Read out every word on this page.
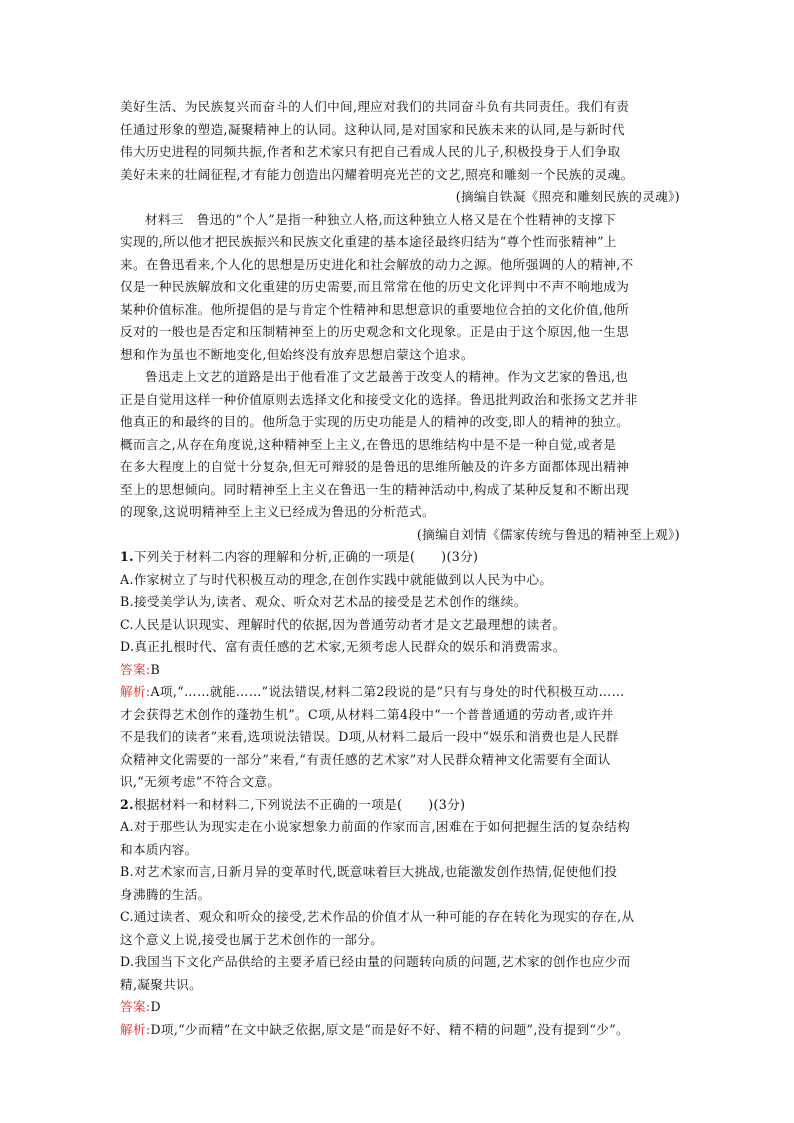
美好生活、为民族复兴而奋斗的人们中间,理应对我们的共同奋斗负有共同责任。我们有责
任通过形象的塑造,凝聚精神上的认同。这种认同,是对国家和民族未来的认同,是与新时代
伟大历史进程的同频共振,作者和艺术家只有把自己看成人民的儿子,积极投身于人们争取
美好未来的壮阔征程,才有能力创造出闪耀着明亮光芒的文艺,照亮和雕刻一个民族的灵魂。
(摘编自铁凝《照亮和雕刻民族的灵魂》)
材料三　鲁迅的“个人”是指一种独立人格,而这种独立人格又是在个性精神的支撑下
实现的,所以他才把民族振兴和民族文化重建的基本途径最终归结为“尊个性而张精神”上
来。在鲁迅看来,个人化的思想是历史进化和社会解放的动力之源。他所强调的人的精神,不
仅是一种民族解放和文化重建的历史需要,而且常常在他的历史文化评判中不声不响地成为
某种价值标准。他所提倡的是与肯定个性精神和思想意识的重要地位合拍的文化价值,他所
反对的一般也是否定和压制精神至上的历史观念和文化现象。正是由于这个原因,他一生思
想和作为虽也不断地变化,但始终没有放弃思想启蒙这个追求。
鲁迅走上文艺的道路是出于他看准了文艺最善于改变人的精神。作为文艺家的鲁迅,也
正是自觉用这样一种价值原则去选择文化和接受文化的选择。鲁迅批判政治和张扬文艺并非
他真正的和最终的目的。他所急于实现的历史功能是人的精神的改变,即人的精神的独立。
概而言之,从存在角度说,这种精神至上主义,在鲁迅的思维结构中是不是一种自觉,或者是
在多大程度上的自觉十分复杂,但无可辩驳的是鲁迅的思维所触及的许多方面都体现出精神
至上的思想倾向。同时精神至上主义在鲁迅一生的精神活动中,构成了某种反复和不断出现
的现象,这说明精神至上主义已经成为鲁迅的分析范式。
(摘编自刘情《儒家传统与鲁迅的精神至上观》)
1.下列关于材料二内容的理解和分析,正确的一项是(　　)(3分)
A.作家树立了与时代积极互动的理念,在创作实践中就能做到以人民为中心。
B.接受美学认为,读者、观众、听众对艺术品的接受是艺术创作的继续。
C.人民是认识现实、理解时代的依据,因为普通劳动者才是文艺最理想的读者。
D.真正扎根时代、富有责任感的艺术家,无须考虑人民群众的娱乐和消费需求。
答案:B
解析:A项,“……就能……”说法错误,材料二第2段说的是“只有与身处的时代积极互动……
才会获得艺术创作的蓬勃生机”。C项,从材料二第4段中“一个普普通通的劳动者,或许并
不是我们的读者”来看,选项说法错误。D项,从材料二最后一段中“娱乐和消费也是人民群
众精神文化需要的一部分”来看,“有责任感的艺术家”对人民群众精神文化需要有全面认
识,“无须考虑”不符合文意。
2.根据材料一和材料二,下列说法不正确的一项是(　　)(3分)
A.对于那些认为现实走在小说家想象力前面的作家而言,困难在于如何把握生活的复杂结构
和本质内容。
B.对艺术家而言,日新月异的变革时代,既意味着巨大挑战,也能激发创作热情,促使他们投
身沸腾的生活。
C.通过读者、观众和听众的接受,艺术作品的价值才从一种可能的存在转化为现实的存在,从
这个意义上说,接受也属于艺术创作的一部分。
D.我国当下文化产品供给的主要矛盾已经由量的问题转向质的问题,艺术家的创作也应少而
精,凝聚共识。
答案:D
解析:D项,“少而精”在文中缺乏依据,原文是“而是好不好、精不精的问题”,没有提到“少”。
